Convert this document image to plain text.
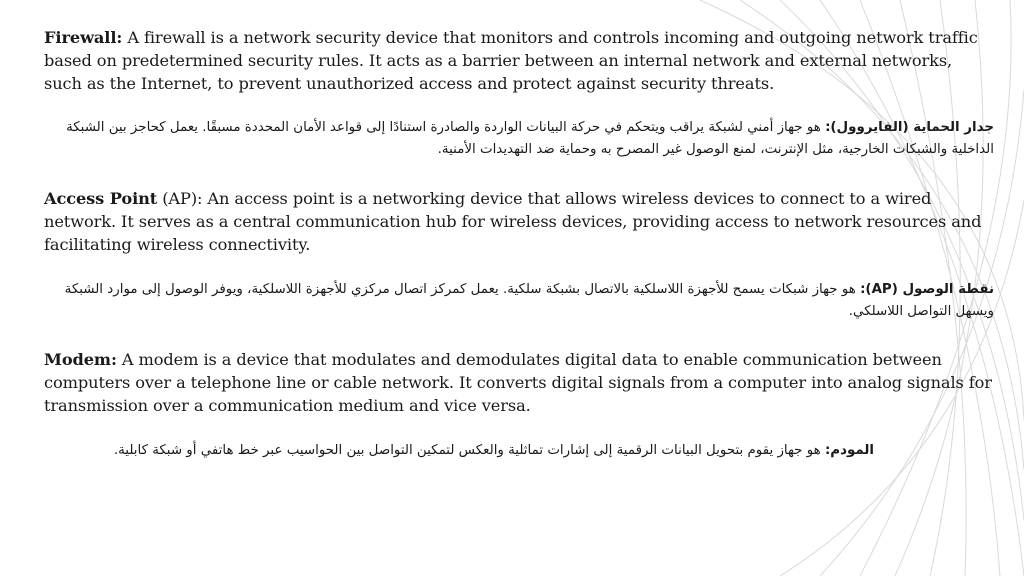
Firewall: A firewall is a network security device that monitors and controls incoming and outgoing network traffic based on predetermined security rules. It acts as a barrier between an internal network and external networks, such as the Internet, to prevent unauthorized access and protect against security threats.

جدار الحماية (الفايروول): هو جهاز أمني لشبكة يراقب ويتحكم في حركة البيانات الواردة والصادرة استنادًا إلى قواعد الأمان المحددة مسبقًا. يعمل كحاجز بين الشبكة الداخلية والشبكات الخارجية، مثل الإنترنت، لمنع الوصول غير المصرح به وحماية ضد التهديدات الأمنية.

Access Point (AP): An access point is a networking device that allows wireless devices to connect to a wired network. It serves as a central communication hub for wireless devices, providing access to network resources and facilitating wireless connectivity.

نقطة الوصول (AP): هو جهاز شبكات يسمح للأجهزة اللاسلكية بالاتصال بشبكة سلكية. يعمل كمركز اتصال مركزي للأجهزة اللاسلكية، ويوفر الوصول إلى موارد الشبكة ويسهل التواصل اللاسلكي.

Modem: A modem is a device that modulates and demodulates digital data to enable communication between computers over a telephone line or cable network. It converts digital signals from a computer into analog signals for transmission over a communication medium and vice versa.

المودم: هو جهاز يقوم بتحويل البيانات الرقمية إلى إشارات تماثلية والعكس لتمكين التواصل بين الحواسيب عبر خط هاتفي أو شبكة كابلية.
